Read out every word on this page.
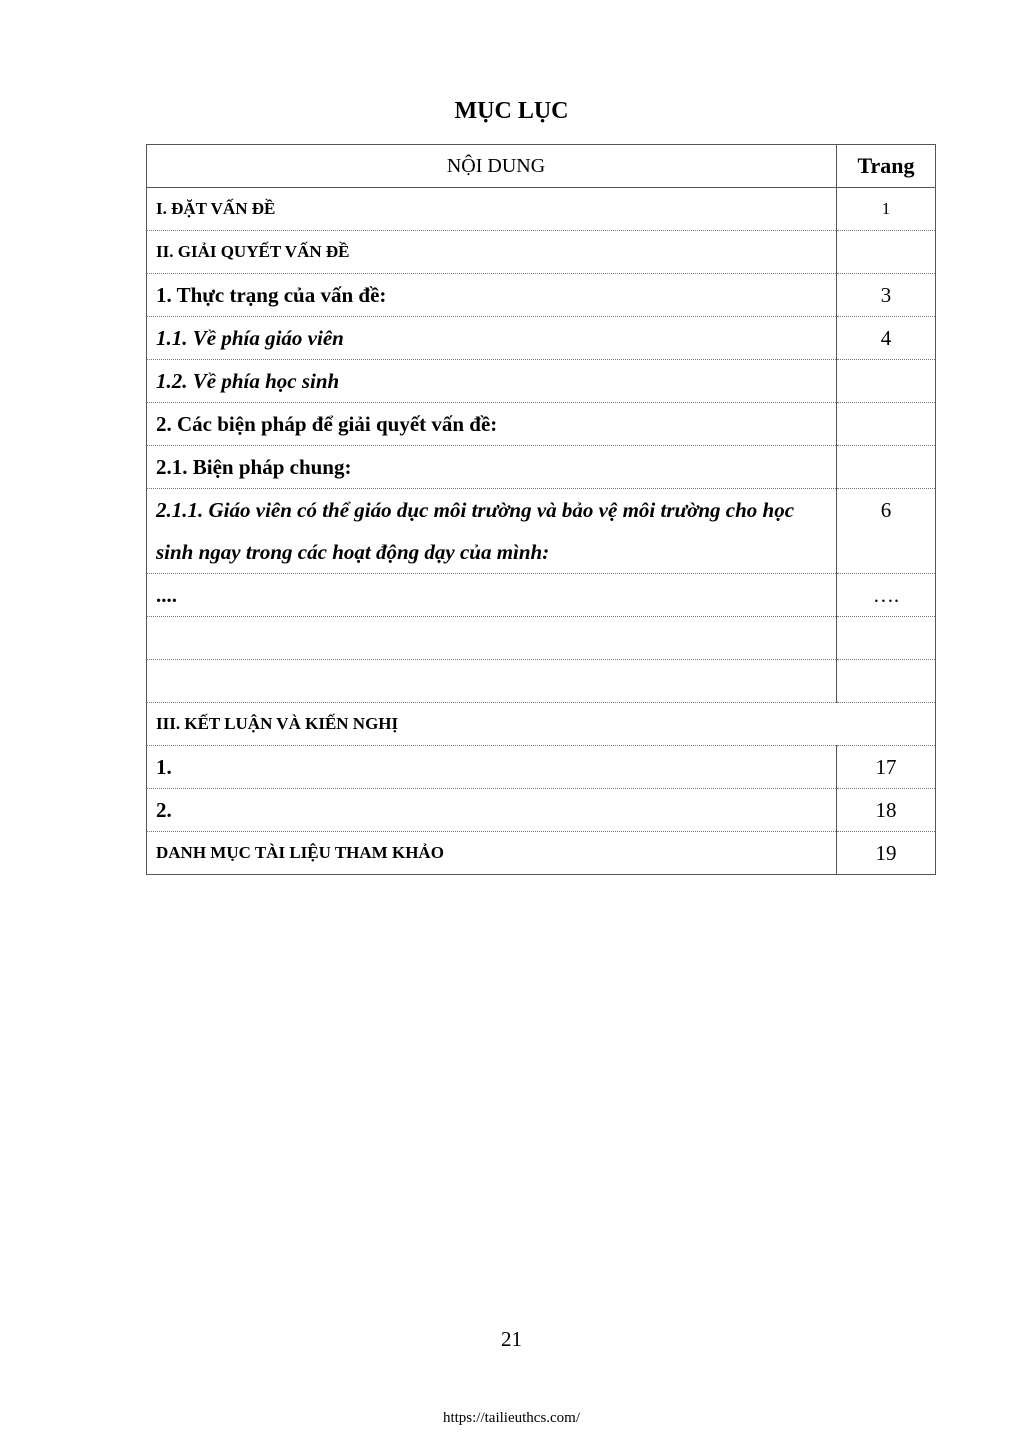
MỤC LỤC
NỘI DUNG	Trang
I. ĐẶT VẤN ĐỀ	1
II. GIẢI QUYẾT VẤN ĐỀ	
1. Thực trạng của vấn đề:	3
1.1. Về phía giáo viên	4
1.2. Về phía học sinh	
2. Các biện pháp để giải quyết vấn đề:	
2.1. Biện pháp chung:	
2.1.1. Giáo viên có thể giáo dục môi trường và bảo vệ môi trường cho học sinh ngay trong các hoạt động dạy của mình:	6
....	….

III. KẾT LUẬN VÀ KIẾN NGHỊ	
1.	17
2.	18
DANH MỤC TÀI LIỆU THAM KHẢO	19
21
https://tailieuthcs.com/
